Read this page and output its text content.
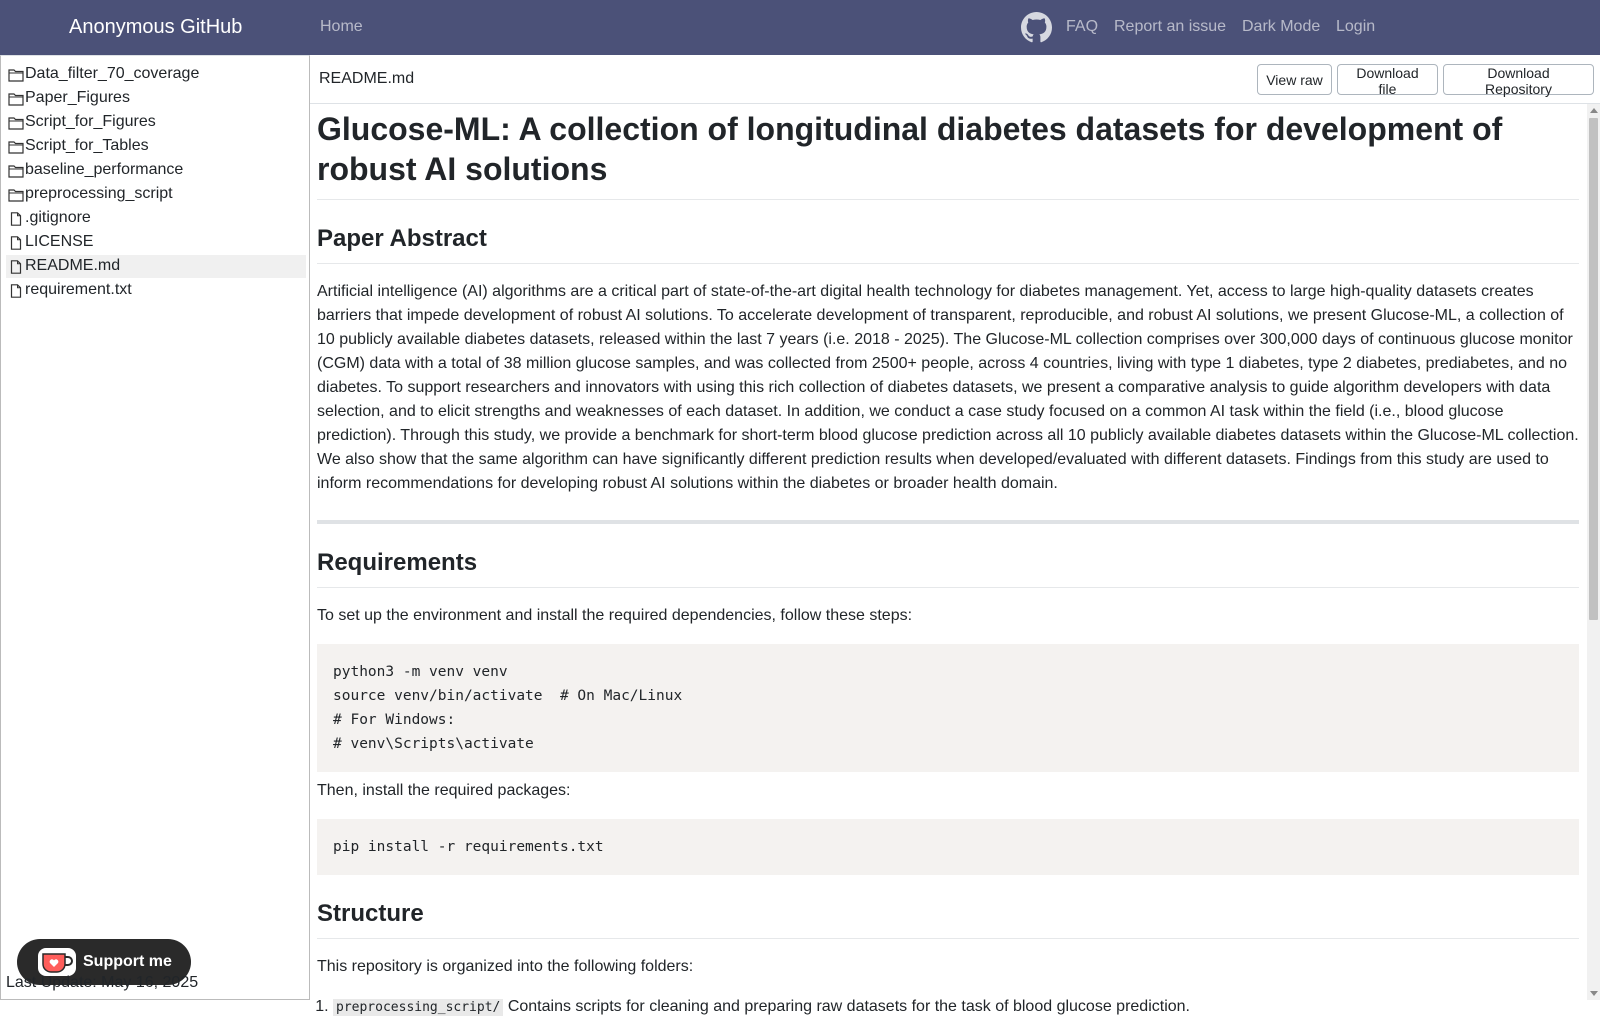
Anonymous GitHub	Home	FAQ Report an issue Dark Mode Login
Data_filter_70_coverage
Paper_Figures
Script_for_Figures
Script_for_Tables
baseline_performance
preprocessing_script
.gitignore
LICENSE
README.md
requirement.txt
Support me
Last Update: May 16, 2025
README.md	View raw	Download file
Download Repository
Glucose-ML: A collection of longitudinal diabetes datasets for development of robust AI solutions
Paper Abstract

Artificial intelligence (AI) algorithms are a critical part of state-of-the-art digital health technology for diabetes management. Yet, access to large high-quality datasets creates barriers that impede development of robust AI solutions. To accelerate development of transparent, reproducible, and robust AI solutions, we present Glucose-ML, a collection of 10 publicly available diabetes datasets, released within the last 7 years (i.e. 2018 - 2025). The Glucose-ML collection comprises over 300,000 days of continuous glucose monitor (CGM) data with a total of 38 million glucose samples, and was collected from 2500+ people, across 4 countries, living with type 1 diabetes, type 2 diabetes, prediabetes, and no diabetes. To support researchers and innovators with using this rich collection of diabetes datasets, we present a comparative analysis to guide algorithm developers with data selection, and to elicit strengths and weaknesses of each dataset. In addition, we conduct a case study focused on a common AI task within the field (i.e., blood glucose prediction). Through this study, we provide a benchmark for short-term blood glucose prediction across all 10 publicly available diabetes datasets within the Glucose-ML collection. We also show that the same algorithm can have significantly different prediction results when developed/evaluated with different datasets. Findings from this study are used to inform recommendations for developing robust AI solutions within the diabetes or broader health domain.

Requirements

To set up the environment and install the required dependencies, follow these steps:

python3 -m venv venv
source venv/bin/activate  # On Mac/Linux
# For Windows:
# venv\Scripts\activate

Then, install the required packages:

pip install -r requirements.txt
Structure

This repository is organized into the following folders:

1. preprocessing_script/ Contains scripts for cleaning and preparing raw datasets for the task of blood glucose prediction.
